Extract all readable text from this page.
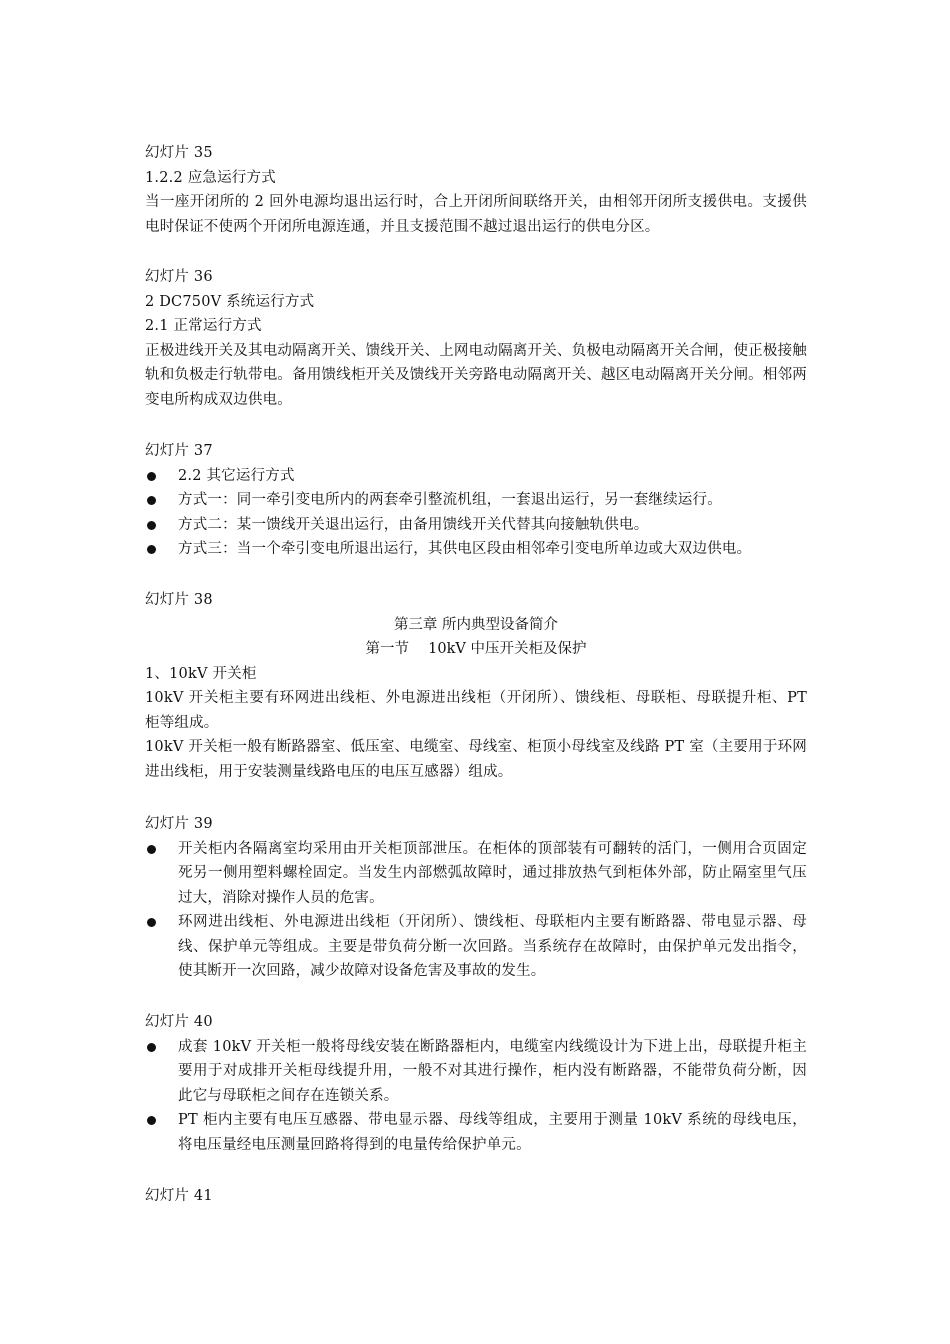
幻灯片 35
1.2.2 应急运行方式
当一座开闭所的 2 回外电源均退出运行时，合上开闭所间联络开关，由相邻开闭所支援供电。支援供电时保证不使两个开闭所电源连通，并且支援范围不越过退出运行的供电分区。
幻灯片 36
2 DC750V 系统运行方式
2.1 正常运行方式
正极进线开关及其电动隔离开关、馈线开关、上网电动隔离开关、负极电动隔离开关合闸，使正极接触轨和负极走行轨带电。备用馈线柜开关及馈线开关旁路电动隔离开关、越区电动隔离开关分闸。相邻两变电所构成双边供电。
幻灯片 37
2.2 其它运行方式
方式一：同一牵引变电所内的两套牵引整流机组，一套退出运行，另一套继续运行。
方式二：某一馈线开关退出运行，由备用馈线开关代替其向接触轨供电。
方式三：当一个牵引变电所退出运行，其供电区段由相邻牵引变电所单边或大双边供电。
幻灯片 38
第三章 所内典型设备简介
第一节　 10kV 中压开关柜及保护
1、10kV 开关柜
10kV 开关柜主要有环网进出线柜、外电源进出线柜（开闭所）、馈线柜、母联柜、母联提升柜、PT 柜等组成。
10kV 开关柜一般有断路器室、低压室、电缆室、母线室、柜顶小母线室及线路 PT 室（主要用于环网进出线柜，用于安装测量线路电压的电压互感器）组成。
幻灯片 39
开关柜内各隔离室均采用由开关柜顶部泄压。在柜体的顶部装有可翻转的活门，一侧用合页固定死另一侧用塑料螺栓固定。当发生内部燃弧故障时，通过排放热气到柜体外部，防止隔室里气压过大，消除对操作人员的危害。
环网进出线柜、外电源进出线柜（开闭所）、馈线柜、母联柜内主要有断路器、带电显示器、母线、保护单元等组成。主要是带负荷分断一次回路。当系统存在故障时，由保护单元发出指令，使其断开一次回路，减少故障对设备危害及事故的发生。
幻灯片 40
成套 10kV 开关柜一般将母线安装在断路器柜内，电缆室内线缆设计为下进上出，母联提升柜主要用于对成排开关柜母线提升用，一般不对其进行操作，柜内没有断路器，不能带负荷分断，因此它与母联柜之间存在连锁关系。
PT 柜内主要有电压互感器、带电显示器、母线等组成，主要用于测量 10kV 系统的母线电压，将电压量经电压测量回路将得到的电量传给保护单元。
幻灯片 41
